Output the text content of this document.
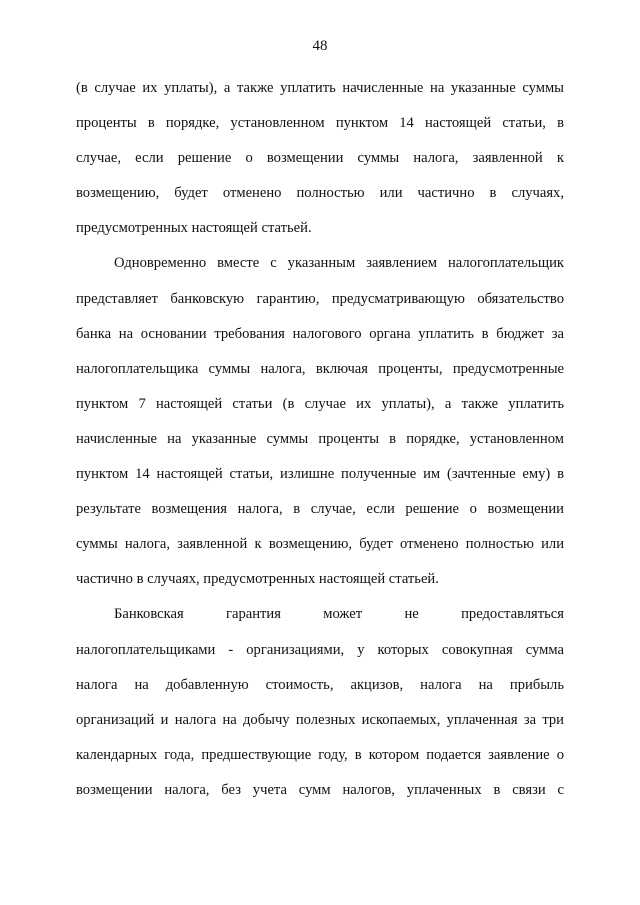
48
(в случае их уплаты), а также уплатить начисленные на указанные суммы
проценты в порядке, установленном пунктом 14 настоящей статьи, в
случае, если решение о возмещении суммы налога, заявленной к
возмещению, будет отменено полностью или частично в случаях,
предусмотренных настоящей статьей.
Одновременно вместе с указанным заявлением налогоплательщик
представляет банковскую гарантию, предусматривающую обязательство
банка на основании требования налогового органа уплатить в бюджет за
налогоплательщика суммы налога, включая проценты, предусмотренные
пунктом 7 настоящей статьи (в случае их уплаты), а также уплатить
начисленные на указанные суммы проценты в порядке, установленном
пунктом 14 настоящей статьи, излишне полученные им (зачтенные ему) в
результате возмещения налога, в случае, если решение о возмещении
суммы налога, заявленной к возмещению, будет отменено полностью или
частично в случаях, предусмотренных настоящей статьей.
Банковская гарантия может не предоставляться
налогоплательщиками - организациями, у которых совокупная сумма
налога на добавленную стоимость, акцизов, налога на прибыль
организаций и налога на добычу полезных ископаемых, уплаченная за три
календарных года, предшествующие году, в котором подается заявление о
возмещении налога, без учета сумм налогов, уплаченных в связи с
